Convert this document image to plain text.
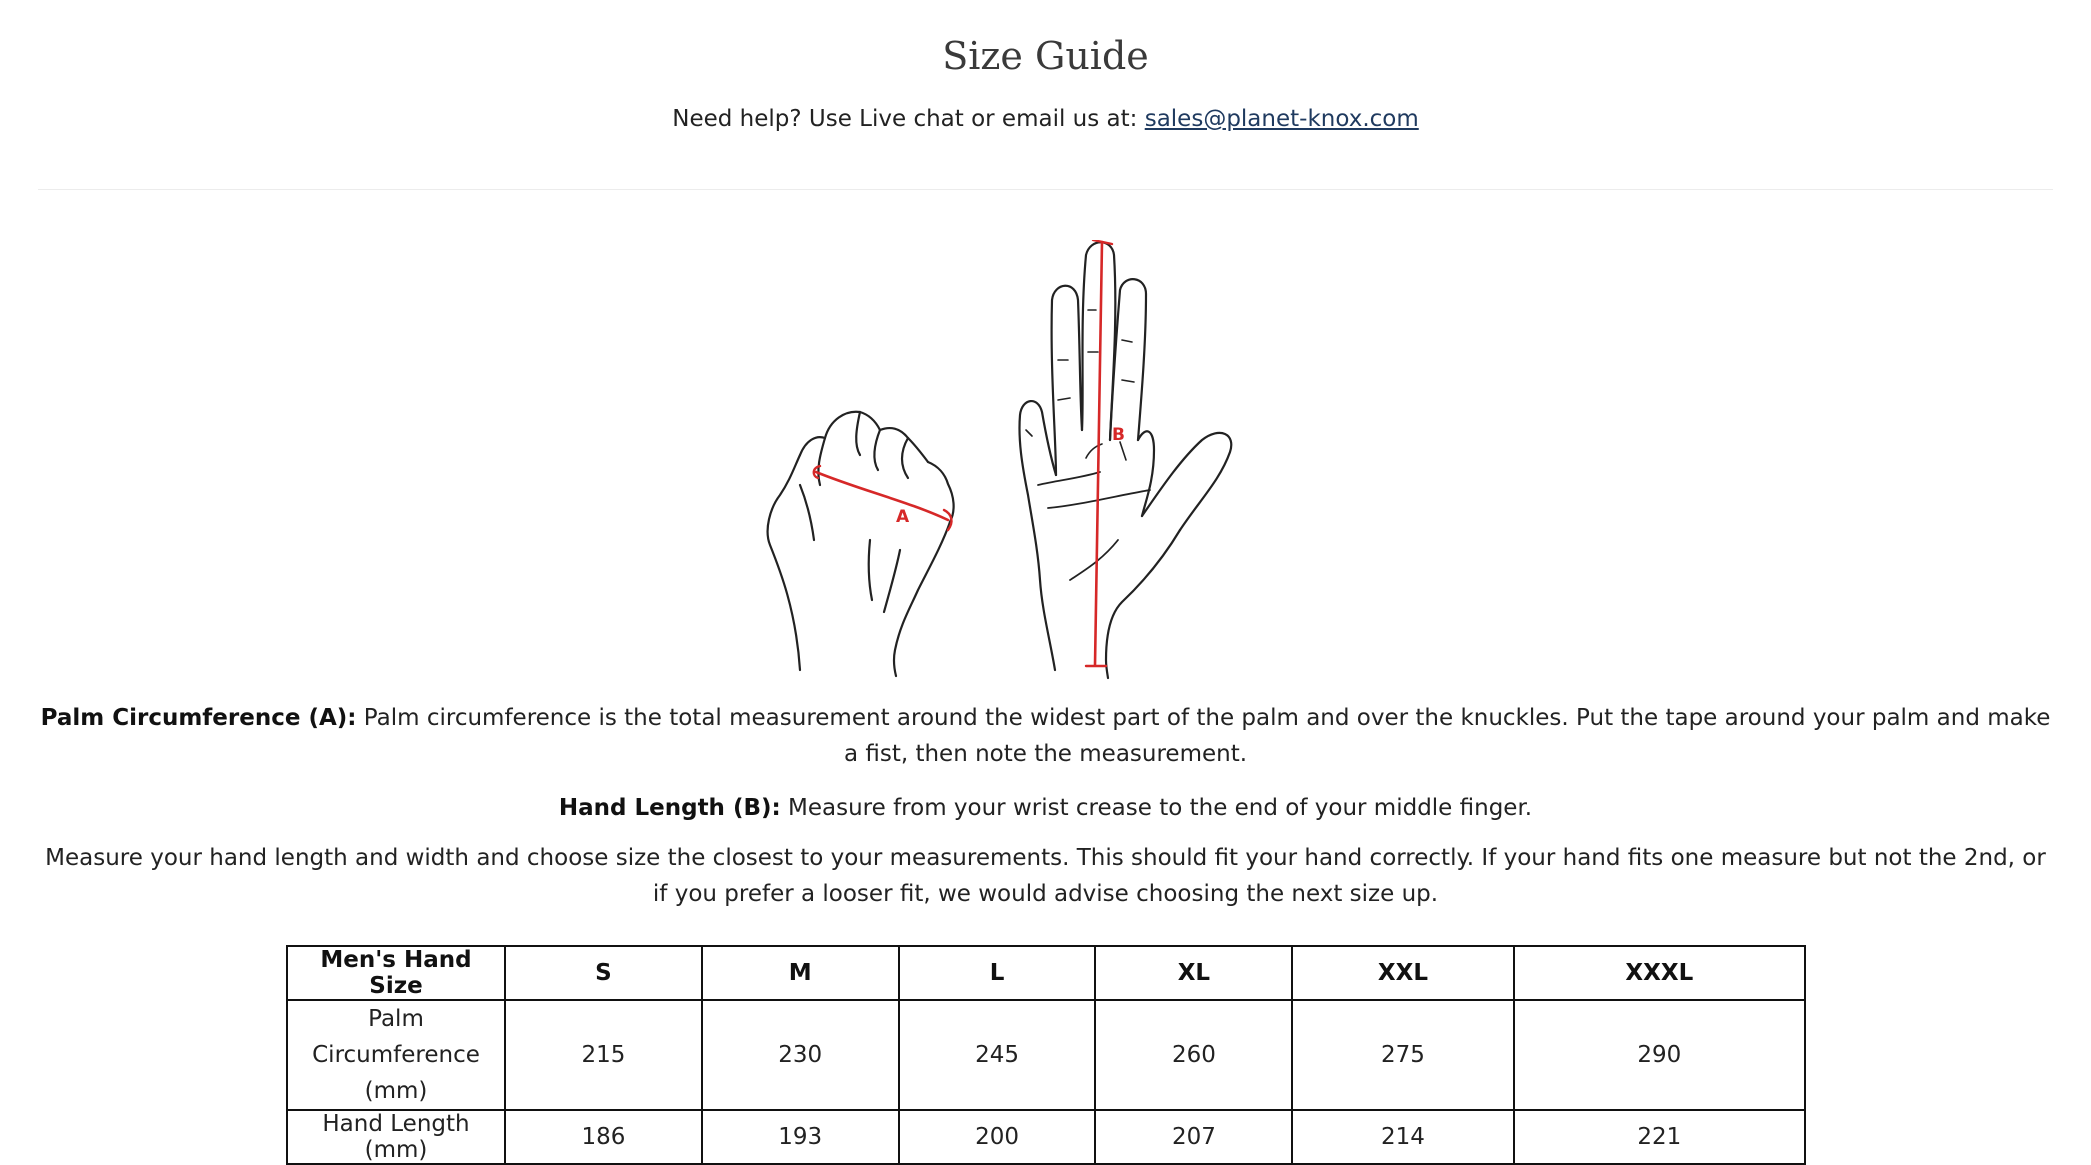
Size Guide
Need help? Use Live chat or email us at: sales@planet-knox.com
A
B
Palm Circumference (A): Palm circumference is the total measurement around the widest part of the palm and over the knuckles. Put the tape around your palm and make a fist, then note the measurement.
Hand Length (B): Measure from your wrist crease to the end of your middle finger.
Measure your hand length and width and choose size the closest to your measurements. This should fit your hand correctly. If your hand fits one measure but not the 2nd, or if you prefer a looser fit, we would advise choosing the next size up.
Men's Hand Size	S	M	L	XL	XXL	XXXL
Palm Circumference (mm)	215	230	245	260	275	290
Hand Length (mm)	186	193	200	207	214	221
